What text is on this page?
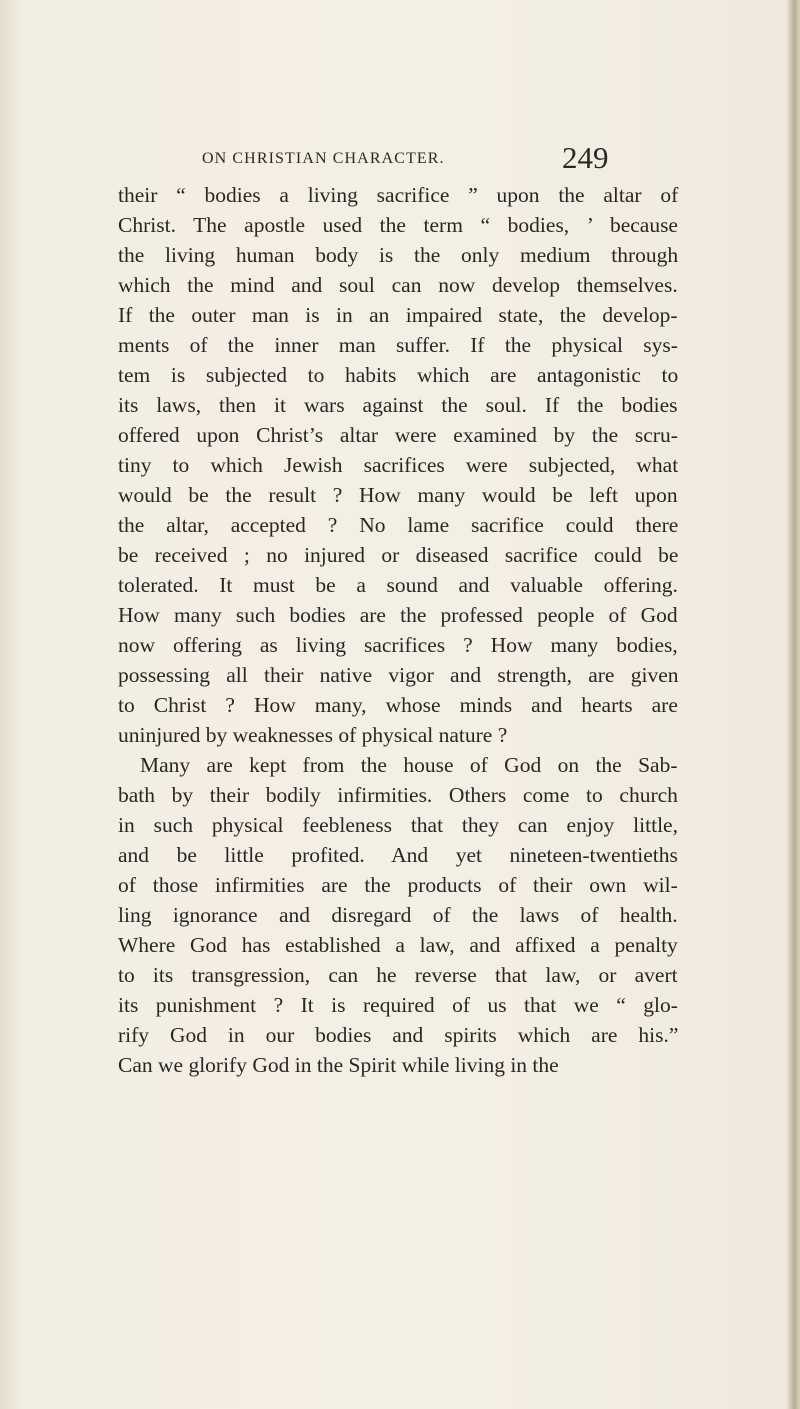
ON CHRISTIAN CHARACTER.	249
their “ bodies a living sacrifice ” upon the altar of
Christ. The apostle used the term “ bodies, ’ because
the living human body is the only medium through
which the mind and soul can now develop themselves.
If the outer man is in an impaired state, the develop-
ments of the inner man suffer. If the physical sys-
tem is subjected to habits which are antagonistic to
its laws, then it wars against the soul. If the bodies
offered upon Christ’s altar were examined by the scru-
tiny to which Jewish sacrifices were subjected, what
would be the result ? How many would be left upon
the altar, accepted ? No lame sacrifice could there
be received ; no injured or diseased sacrifice could be
tolerated. It must be a sound and valuable offering.
How many such bodies are the professed people of God
now offering as living sacrifices ? How many bodies,
possessing all their native vigor and strength, are given
to Christ ? How many, whose minds and hearts are
uninjured by weaknesses of physical nature ?
Many are kept from the house of God on the Sab-
bath by their bodily infirmities. Others come to church
in such physical feebleness that they can enjoy little,
and be little profited. And yet nineteen-twentieths
of those infirmities are the products of their own wil-
ling ignorance and disregard of the laws of health.
Where God has established a law, and affixed a penalty
to its transgression, can he reverse that law, or avert
its punishment ? It is required of us that we “ glo-
rify God in our bodies and spirits which are his.”
Can we glorify God in the Spirit while living in the
